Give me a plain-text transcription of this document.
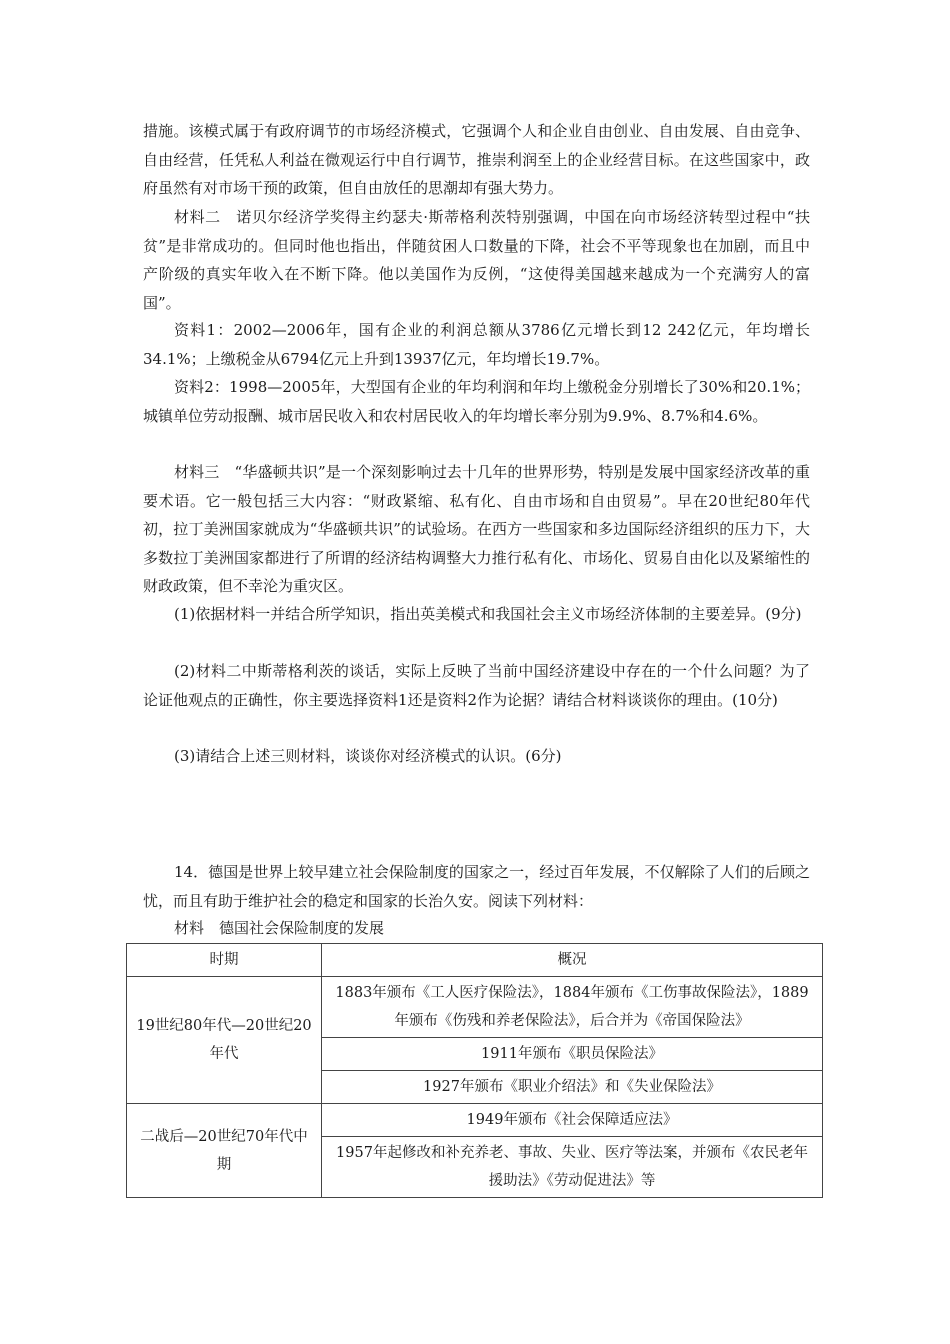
措施。该模式属于有政府调节的市场经济模式，它强调个人和企业自由创业、自由发展、自由竞争、自由经营，任凭私人利益在微观运行中自行调节，推崇利润至上的企业经营目标。在这些国家中，政府虽然有对市场干预的政策，但自由放任的思潮却有强大势力。

材料二　诺贝尔经济学奖得主约瑟夫·斯蒂格利茨特别强调，中国在向市场经济转型过程中“扶贫”是非常成功的。但同时他也指出，伴随贫困人口数量的下降，社会不平等现象也在加剧，而且中产阶级的真实年收入在不断下降。他以美国作为反例，“这使得美国越来越成为一个充满穷人的富国”。

资料1：2002—2006年，国有企业的利润总额从3786亿元增长到12 242亿元，年均增长34.1%；上缴税金从6794亿元上升到13937亿元，年均增长19.7%。

资料2：1998—2005年，大型国有企业的年均利润和年均上缴税金分别增长了30%和20.1%；城镇单位劳动报酬、城市居民收入和农村居民收入的年均增长率分别为9.9%、8.7%和4.6%。

材料三　“华盛顿共识”是一个深刻影响过去十几年的世界形势，特别是发展中国家经济改革的重要术语。它一般包括三大内容：“财政紧缩、私有化、自由市场和自由贸易”。早在20世纪80年代初，拉丁美洲国家就成为“华盛顿共识”的试验场。在西方一些国家和多边国际经济组织的压力下，大多数拉丁美洲国家都进行了所谓的经济结构调整大力推行私有化、市场化、贸易自由化以及紧缩性的财政政策，但不幸沦为重灾区。

(1)依据材料一并结合所学知识，指出英美模式和我国社会主义市场经济体制的主要差异。(9分)

(2)材料二中斯蒂格利茨的谈话，实际上反映了当前中国经济建设中存在的一个什么问题？为了论证他观点的正确性，你主要选择资料1还是资料2作为论据？请结合材料谈谈你的理由。(10分)

(3)请结合上述三则材料，谈谈你对经济模式的认识。(6分)

14．德国是世界上较早建立社会保险制度的国家之一，经过百年发展，不仅解除了人们的后顾之忧，而且有助于维护社会的稳定和国家的长治久安。阅读下列材料：

材料　德国社会保险制度的发展

时期	概况
19世纪80年代—20世纪20年代	1883年颁布《工人医疗保险法》，1884年颁布《工伤事故保险法》，1889年颁布《伤残和养老保险法》，后合并为《帝国保险法》
	1911年颁布《职员保险法》
	1927年颁布《职业介绍法》和《失业保险法》
二战后—20世纪70年代中期	1949年颁布《社会保障适应法》
	1957年起修改和补充养老、事故、失业、医疗等法案，并颁布《农民老年援助法》《劳动促进法》等
